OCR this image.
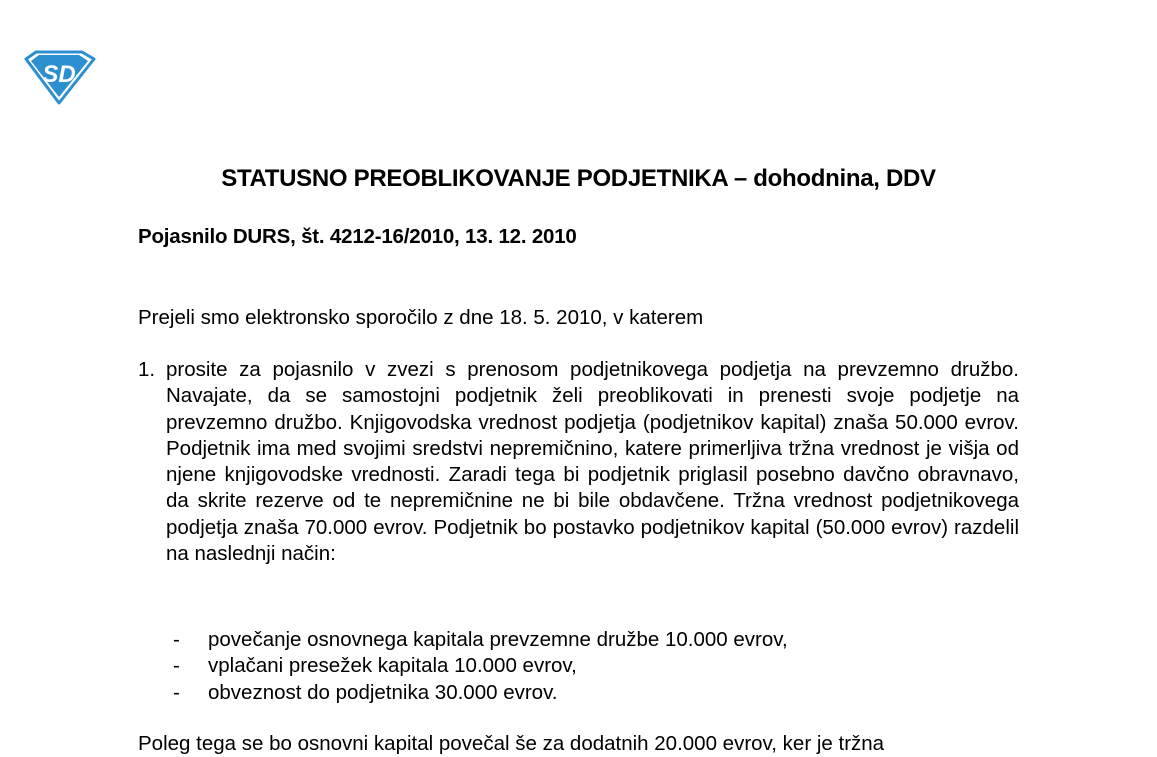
SD
STATUSNO PREOBLIKOVANJE PODJETNIKA – dohodnina, DDV
Pojasnilo DURS, št. 4212-16/2010, 13. 12. 2010
Prejeli smo elektronsko sporočilo z dne 18. 5. 2010, v katerem
1. prosite za pojasnilo v zvezi s prenosom podjetnikovega podjetja na prevzemno družbo. Navajate, da se samostojni podjetnik želi preoblikovati in prenesti svoje podjetje na prevzemno družbo. Knjigovodska vrednost podjetja (podjetnikov kapital) znaša 50.000 evrov. Podjetnik ima med svojimi sredstvi nepremičnino, katere primerljiva tržna vrednost je višja od njene knjigovodske vrednosti. Zaradi tega bi podjetnik priglasil posebno davčno obravnavo, da skrite rezerve od te nepremičnine ne bi bile obdavčene. Tržna vrednost podjetnikovega podjetja znaša 70.000 evrov. Podjetnik bo postavko podjetnikov kapital (50.000 evrov) razdelil na naslednji način:
-	povečanje osnovnega kapitala prevzemne družbe 10.000 evrov,
-	vplačani presežek kapitala 10.000 evrov,
-	obveznost do podjetnika 30.000 evrov.
Poleg tega se bo osnovni kapital povečal še za dodatnih 20.000 evrov, ker je tržna
